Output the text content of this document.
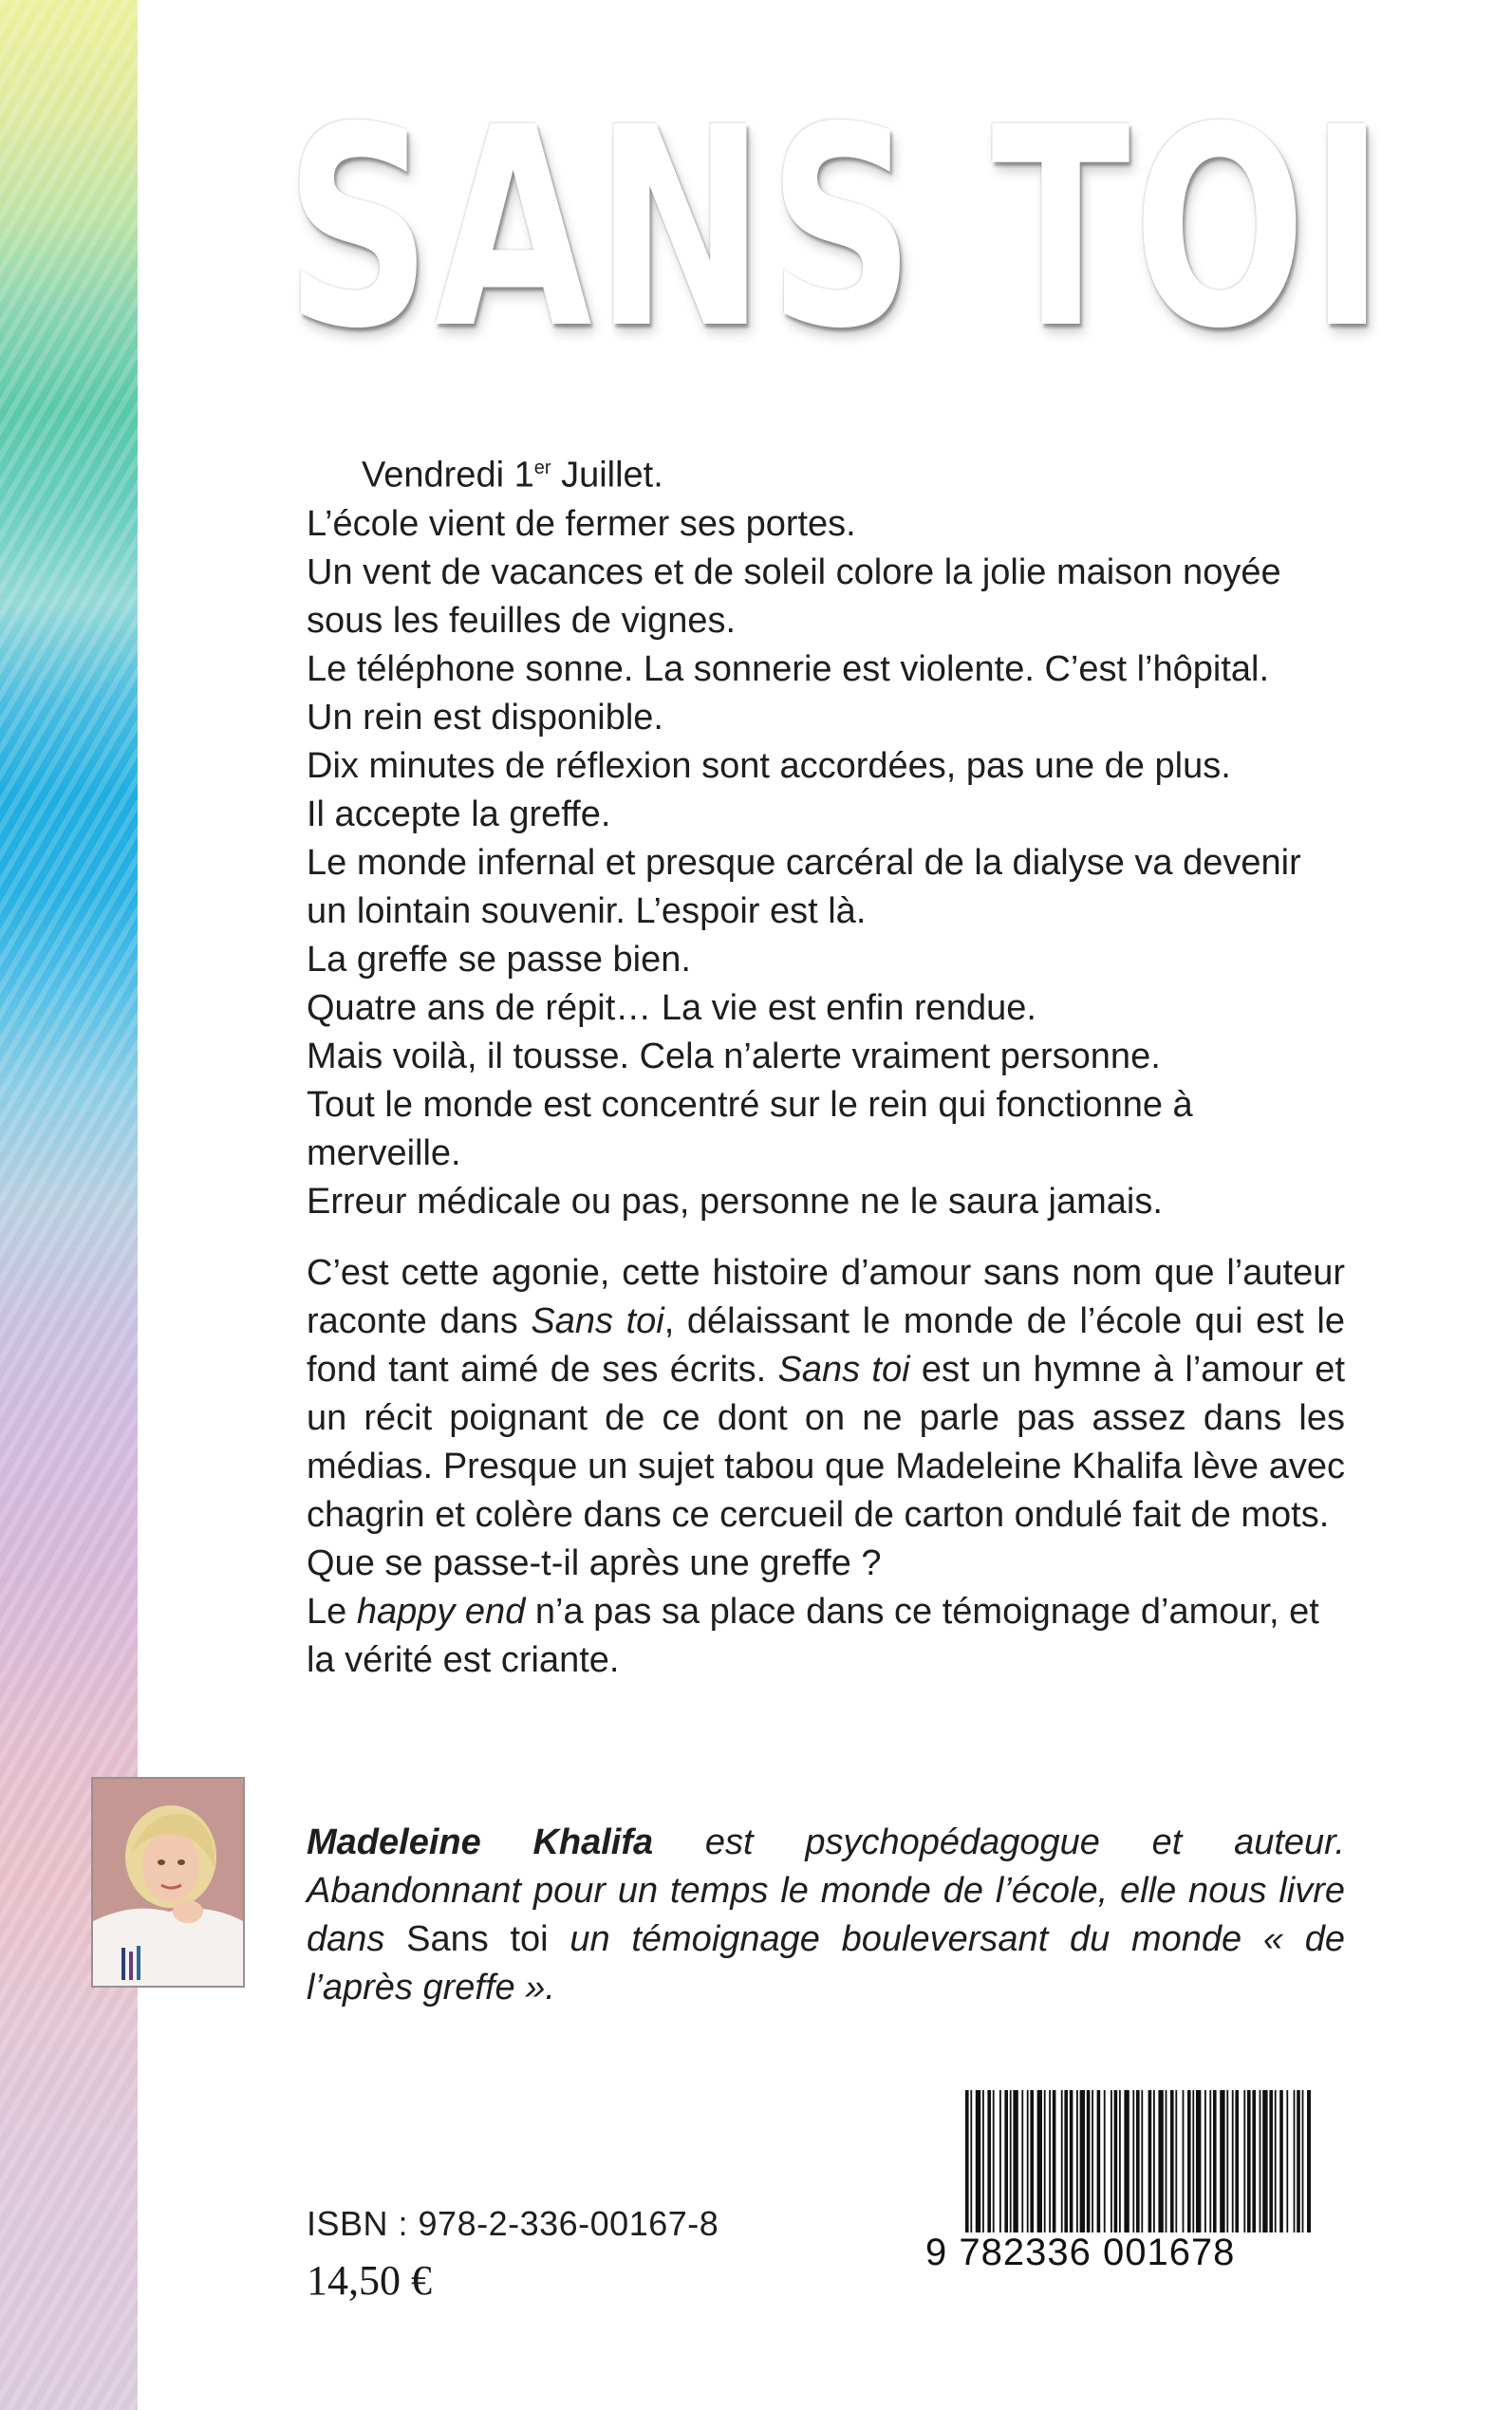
SANS TOI

Vendredi 1er Juillet.

L’école vient de fermer ses portes.

Un vent de vacances et de soleil colore la jolie maison noyée sous les feuilles de vignes.

Le téléphone sonne. La sonnerie est violente. C’est l’hôpital.

Un rein est disponible.

Dix minutes de réflexion sont accordées, pas une de plus.

Il accepte la greffe.

Le monde infernal et presque carcéral de la dialyse va devenir un lointain souvenir. L’espoir est là.

La greffe se passe bien.

Quatre ans de répit… La vie est enfin rendue.

Mais voilà, il tousse. Cela n’alerte vraiment personne.

Tout le monde est concentré sur le rein qui fonctionne à merveille.

Erreur médicale ou pas, personne ne le saura jamais.

C’est cette agonie, cette histoire d’amour sans nom que l’auteur raconte dans Sans toi, délaissant le monde de l’école qui est le fond tant aimé de ses écrits. Sans toi est un hymne à l’amour et un récit poignant de ce dont on ne parle pas assez dans les médias. Presque un sujet tabou que Madeleine Khalifa lève avec chagrin et colère dans ce cercueil de carton ondulé fait de mots.

Que se passe-t-il après une greffe ?

Le happy end n’a pas sa place dans ce témoignage d’amour, et la vérité est criante.

Madeleine Khalifa est psychopédagogue et auteur. Abandonnant pour un temps le monde de l’école, elle nous livre dans Sans toi un témoignage bouleversant du monde « de l’après greffe ».
9 782336 001678
ISBN : 978-2-336-00167-8
14,50 €
